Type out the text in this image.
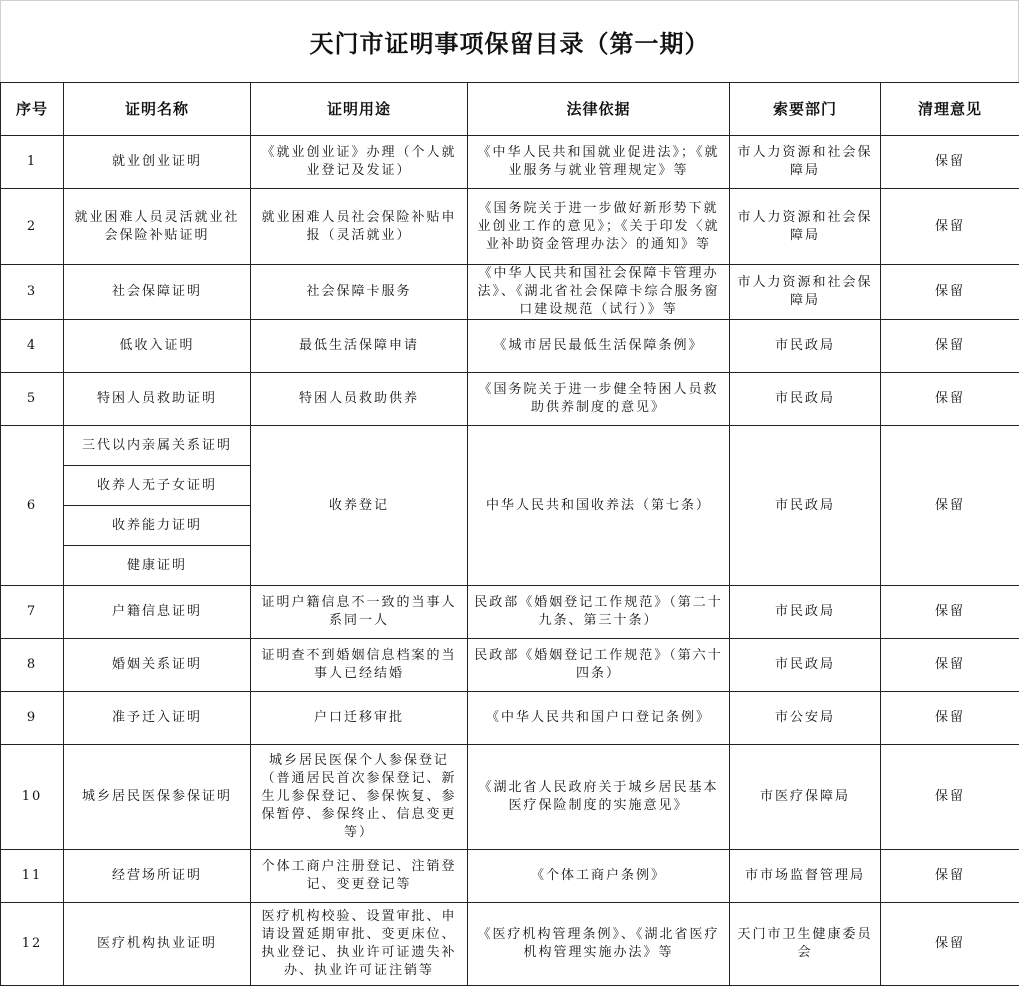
天门市证明事项保留目录（第一期）
序号	证明名称	证明用途	法律依据	索要部门	清理意见
1	就业创业证明	《就业创业证》办理（个人就业登记及发证）	《中华人民共和国就业促进法》；《就业服务与就业管理规定》等	市人力资源和社会保障局	保留
2	就业困难人员灵活就业社会保险补贴证明	就业困难人员社会保险补贴申报（灵活就业）	《国务院关于进一步做好新形势下就业创业工作的意见》；《关于印发〈就业补助资金管理办法〉的通知》等	市人力资源和社会保障局	保留
3	社会保障证明	社会保障卡服务	《中华人民共和国社会保障卡管理办法》、《湖北省社会保障卡综合服务窗口建设规范（试行）》等	市人力资源和社会保障局	保留
4	低收入证明	最低生活保障申请	《城市居民最低生活保障条例》	市民政局	保留
5	特困人员救助证明	特困人员救助供养	《国务院关于进一步健全特困人员救助供养制度的意见》	市民政局	保留
6	三代以内亲属关系证明	收养登记	中华人民共和国收养法（第七条）	市民政局	保留
	收养人无子女证明				
	收养能力证明				
	健康证明				
7	户籍信息证明	证明户籍信息不一致的当事人系同一人	民政部《婚姻登记工作规范》（第二十九条、第三十条）	市民政局	保留
8	婚姻关系证明	证明查不到婚姻信息档案的当事人已经结婚	民政部《婚姻登记工作规范》（第六十四条）	市民政局	保留
9	准予迁入证明	户口迁移审批	《中华人民共和国户口登记条例》	市公安局	保留
10	城乡居民医保参保证明	城乡居民医保个人参保登记（普通居民首次参保登记、新生儿参保登记、参保恢复、参保暂停、参保终止、信息变更等）	《湖北省人民政府关于城乡居民基本医疗保险制度的实施意见》	市医疗保障局	保留
11	经营场所证明	个体工商户注册登记、注销登记、变更登记等	《个体工商户条例》	市市场监督管理局	保留
12	医疗机构执业证明	医疗机构校验、设置审批、申请设置延期审批、变更床位、执业登记、执业许可证遗失补办、执业许可证注销等	《医疗机构管理条例》、《湖北省医疗机构管理实施办法》等	天门市卫生健康委员会	保留
